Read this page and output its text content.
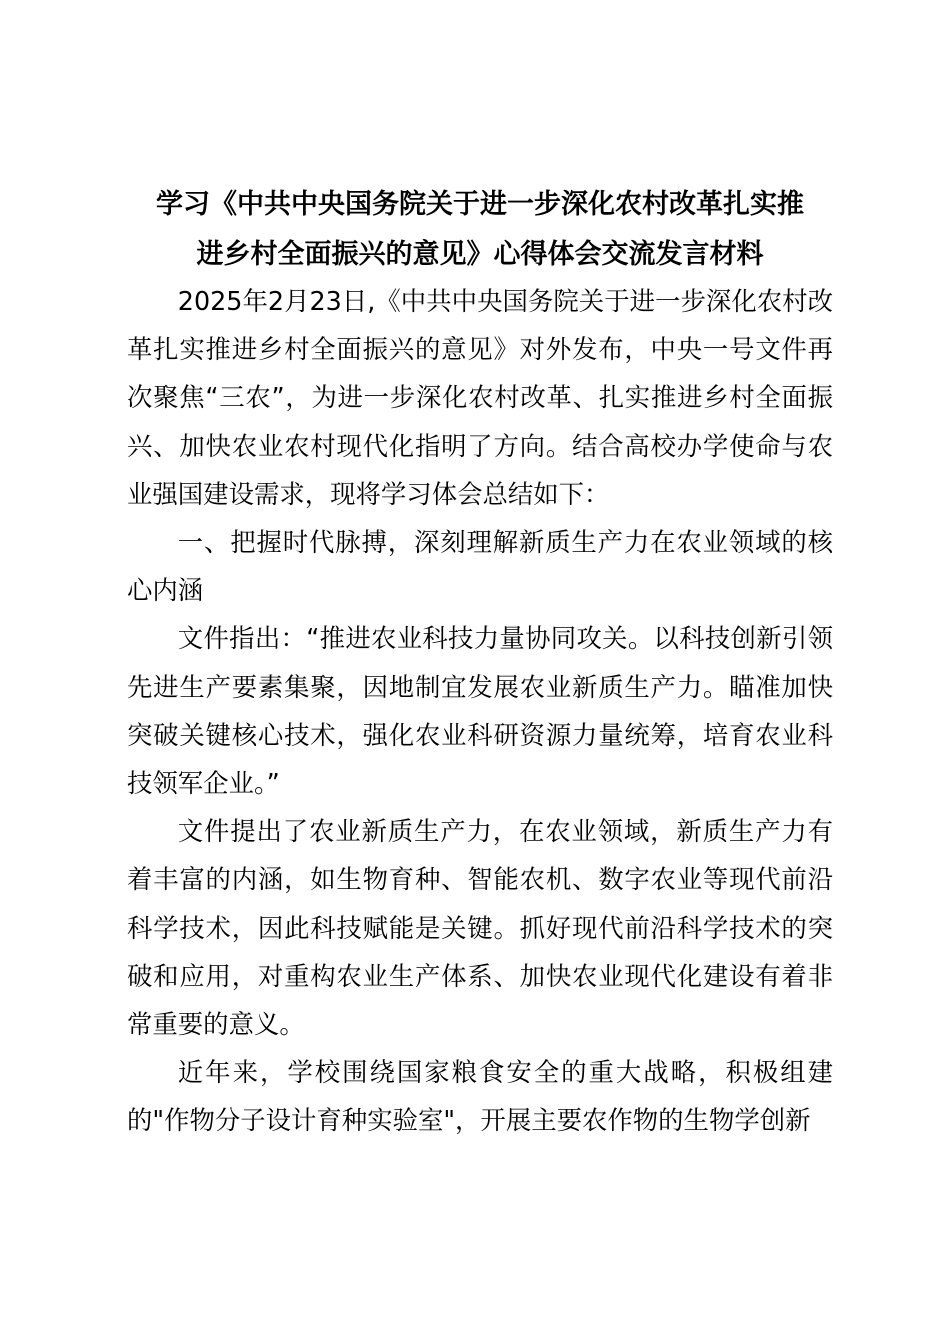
学习《中共中央国务院关于进一步深化农村改革扎实推
进乡村全面振兴的意见》心得体会交流发言材料

2025年2月23日,《中共中央国务院关于进一步深化农村改革扎实推进乡村全面振兴的意见》对外发布，中央一号文件再次聚焦“三农”，为进一步深化农村改革、扎实推进乡村全面振兴、加快农业农村现代化指明了方向。结合高校办学使命与农业强国建设需求，现将学习体会总结如下：

一、把握时代脉搏，深刻理解新质生产力在农业领域的核心内涵

文件指出：“推进农业科技力量协同攻关。以科技创新引领先进生产要素集聚，因地制宜发展农业新质生产力。瞄准加快突破关键核心技术，强化农业科研资源力量统筹，培育农业科技领军企业。”

文件提出了农业新质生产力，在农业领域，新质生产力有着丰富的内涵，如生物育种、智能农机、数字农业等现代前沿科学技术，因此科技赋能是关键。抓好现代前沿科学技术的突破和应用，对重构农业生产体系、加快农业现代化建设有着非常重要的意义。

近年来，学校围绕国家粮食安全的重大战略，积极组建的"作物分子设计育种实验室"，开展主要农作物的生物学创新
